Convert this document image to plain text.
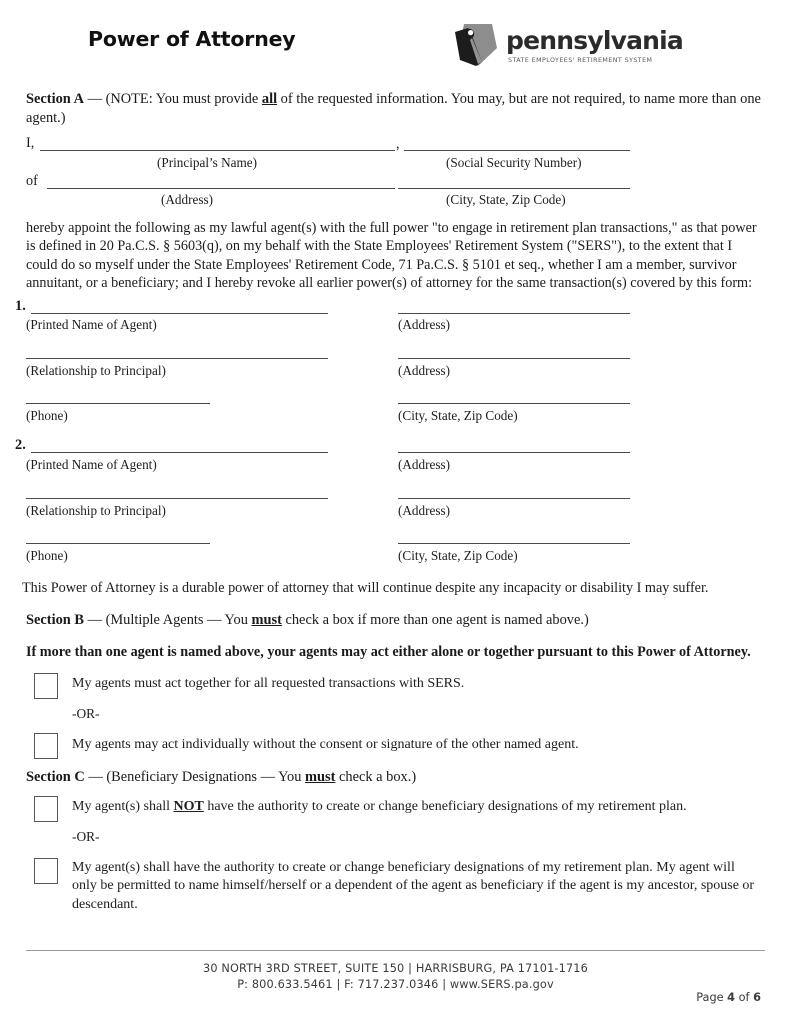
Power of Attorney	pennsylvania
STATE EMPLOYEES' RETIREMENT SYSTEM
Section A — (NOTE: You must provide all of the requested information. You may, but are not required, to name more than one agent.)
I,	,
(Principal’s Name)	(Social Security Number)
of
(Address)	(City, State, Zip Code)
hereby appoint the following as my lawful agent(s) with the full power "to engage in retirement plan transactions," as that power is defined in 20 Pa.C.S. § 5603(q), on my behalf with the State Employees' Retirement System ("SERS"), to the extent that I could do so myself under the State Employees' Retirement Code, 71 Pa.C.S. § 5101 et seq., whether I am a member, survivor annuitant, or a beneficiary; and I hereby revoke all earlier power(s) of attorney for the same transaction(s) covered by this form:
1.
(Printed Name of Agent)	(Address)
(Relationship to Principal)	(Address)
(Phone)	(City, State, Zip Code)
2.
(Printed Name of Agent)	(Address)
(Relationship to Principal)	(Address)
(Phone)	(City, State, Zip Code)
This Power of Attorney is a durable power of attorney that will continue despite any incapacity or disability I may suffer.
Section B — (Multiple Agents — You must check a box if more than one agent is named above.)
If more than one agent is named above, your agents may act either alone or together pursuant to this Power of Attorney.
My agents must act together for all requested transactions with SERS.
-OR-
My agents may act individually without the consent or signature of the other named agent.
Section C — (Beneficiary Designations — You must check a box.)
My agent(s) shall NOT have the authority to create or change beneficiary designations of my retirement plan.
-OR-
My agent(s) shall have the authority to create or change beneficiary designations of my retirement plan. My agent will only be permitted to name himself/herself or a dependent of the agent as beneficiary if the agent is my ancestor, spouse or descendant.
30 NORTH 3RD STREET, SUITE 150 | HARRISBURG, PA 17101-1716
P: 800.633.5461 | F: 717.237.0346 | www.SERS.pa.gov
Page 4 of 6
